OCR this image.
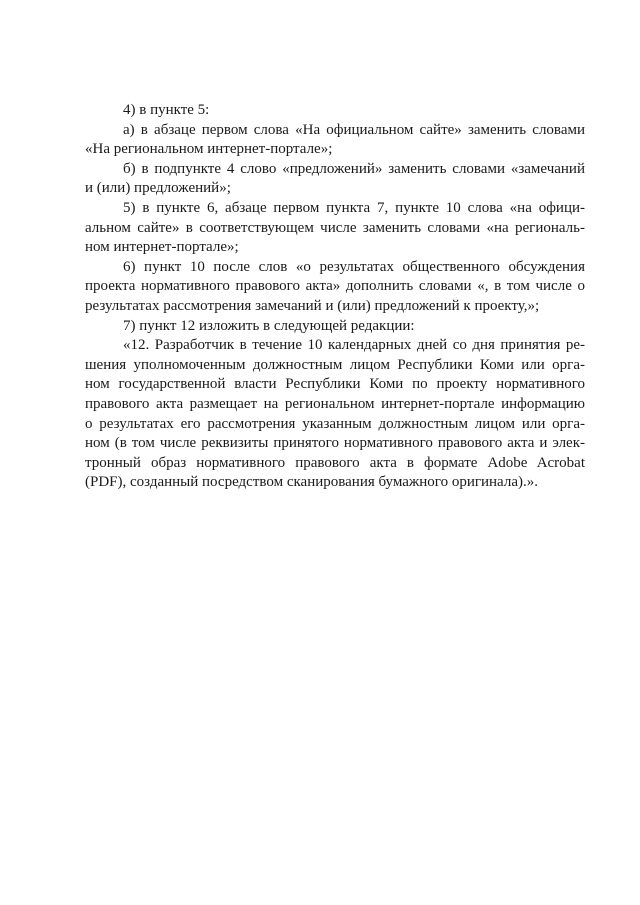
4) в пункте 5:
а) в абзаце первом слова «На официальном сайте» заменить словами
«На региональном интернет-портале»;
б) в подпункте 4 слово «предложений» заменить словами «замечаний
и (или) предложений»;
5) в пункте 6, абзаце первом пункта 7, пункте 10 слова «на офици-
альном сайте» в соответствующем числе заменить словами «на региональ-
ном интернет-портале»;
6) пункт 10 после слов «о результатах общественного обсуждения
проекта нормативного правового акта» дополнить словами «, в том числе о
результатах рассмотрения замечаний и (или) предложений к проекту,»;
7) пункт 12 изложить в следующей редакции:
«12. Разработчик в течение 10 календарных дней со дня принятия ре-
шения уполномоченным должностным лицом Республики Коми или орга-
ном государственной власти Республики Коми по проекту нормативного
правового акта размещает на региональном интернет-портале информацию
о результатах его рассмотрения указанным должностным лицом или орга-
ном (в том числе реквизиты принятого нормативного правового акта и элек-
тронный образ нормативного правового акта в формате Adobe Acrobat
(PDF), созданный посредством сканирования бумажного оригинала).».
